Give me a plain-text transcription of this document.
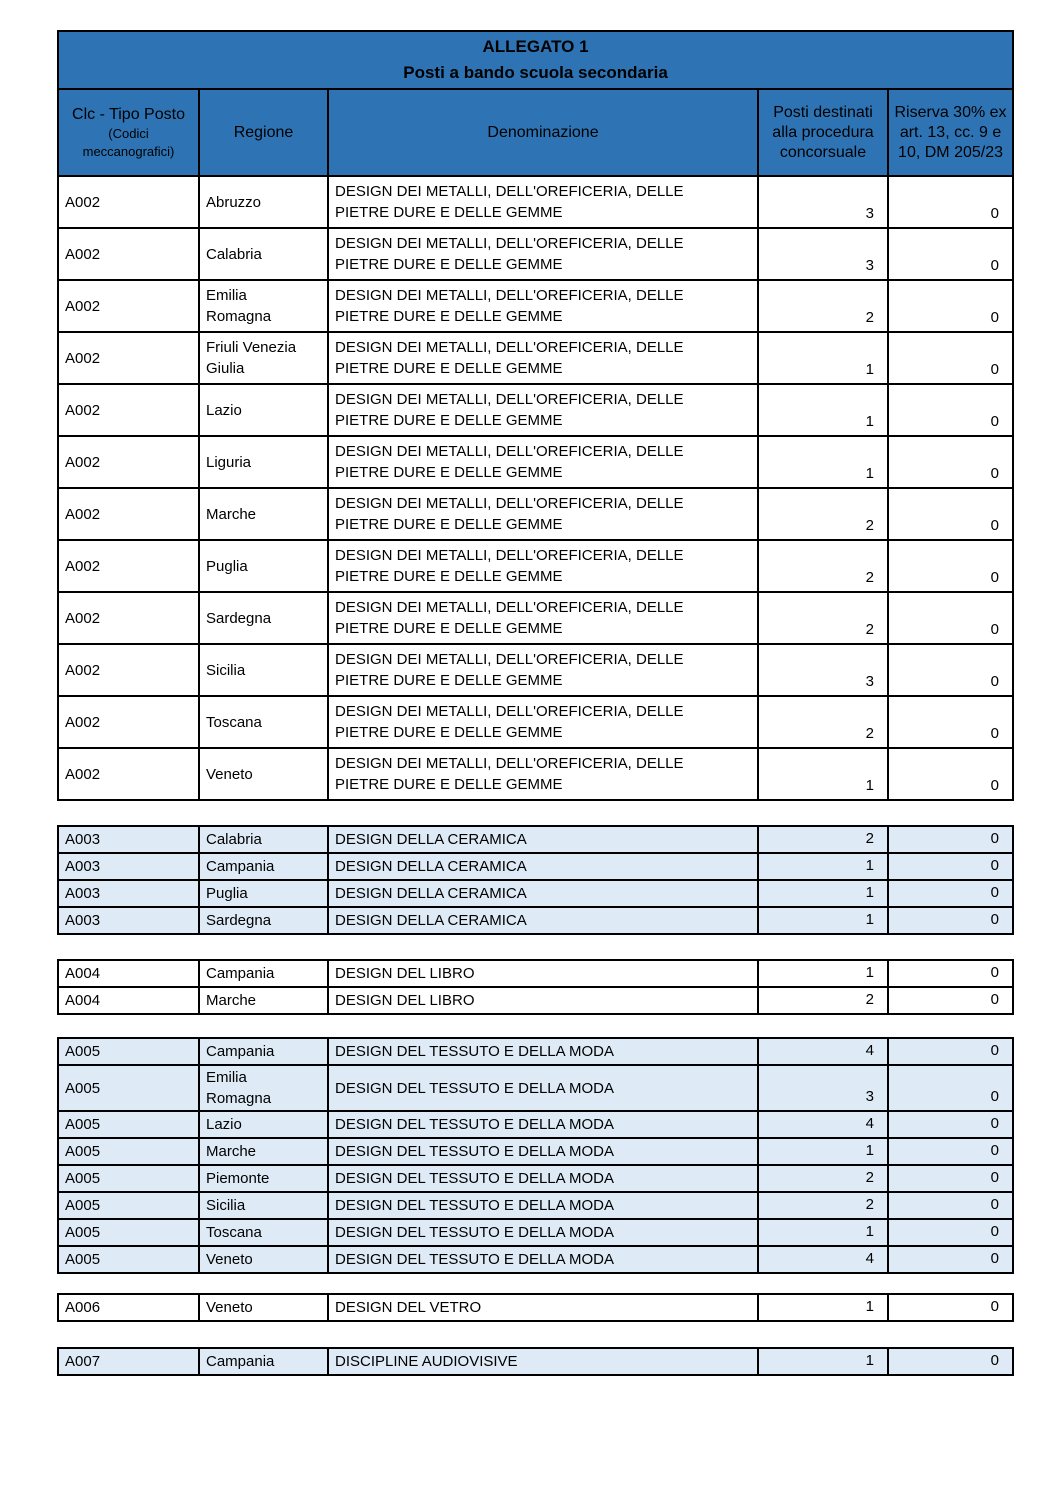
ALLEGATO 1
Posti a bando scuola secondaria

Clc - Tipo Posto
(Codici meccanografici)
	Regione	Denominazione	Posti destinati alla procedura concorsuale	Riserva 30% ex art. 13, cc. 9 e 10, DM 205/23
A002	Abruzzo	DESIGN DEI METALLI, DELL'OREFICERIA, DELLE
PIETRE DURE E DELLE GEMME	3	0
A002	Calabria	DESIGN DEI METALLI, DELL'OREFICERIA, DELLE
PIETRE DURE E DELLE GEMME	3	0
A002	Emilia
Romagna	DESIGN DEI METALLI, DELL'OREFICERIA, DELLE
PIETRE DURE E DELLE GEMME	2	0
A002	Friuli Venezia
Giulia	DESIGN DEI METALLI, DELL'OREFICERIA, DELLE
PIETRE DURE E DELLE GEMME	1	0
A002	Lazio	DESIGN DEI METALLI, DELL'OREFICERIA, DELLE
PIETRE DURE E DELLE GEMME	1	0
A002	Liguria	DESIGN DEI METALLI, DELL'OREFICERIA, DELLE
PIETRE DURE E DELLE GEMME	1	0
A002	Marche	DESIGN DEI METALLI, DELL'OREFICERIA, DELLE
PIETRE DURE E DELLE GEMME	2	0
A002	Puglia	DESIGN DEI METALLI, DELL'OREFICERIA, DELLE
PIETRE DURE E DELLE GEMME	2	0
A002	Sardegna	DESIGN DEI METALLI, DELL'OREFICERIA, DELLE
PIETRE DURE E DELLE GEMME	2	0
A002	Sicilia	DESIGN DEI METALLI, DELL'OREFICERIA, DELLE
PIETRE DURE E DELLE GEMME	3	0
A002	Toscana	DESIGN DEI METALLI, DELL'OREFICERIA, DELLE
PIETRE DURE E DELLE GEMME	2	0
A002	Veneto	DESIGN DEI METALLI, DELL'OREFICERIA, DELLE
PIETRE DURE E DELLE GEMME	1	0
A003	Calabria	DESIGN DELLA CERAMICA	2	0
A003	Campania	DESIGN DELLA CERAMICA	1	0
A003	Puglia	DESIGN DELLA CERAMICA	1	0
A003	Sardegna	DESIGN DELLA CERAMICA	1	0
A004	Campania	DESIGN DEL LIBRO	1	0
A004	Marche	DESIGN DEL LIBRO	2	0
A005	Campania	DESIGN DEL TESSUTO E DELLA MODA	4	0
A005	Emilia
Romagna	DESIGN DEL TESSUTO E DELLA MODA	3	0
A005	Lazio	DESIGN DEL TESSUTO E DELLA MODA	4	0
A005	Marche	DESIGN DEL TESSUTO E DELLA MODA	1	0
A005	Piemonte	DESIGN DEL TESSUTO E DELLA MODA	2	0
A005	Sicilia	DESIGN DEL TESSUTO E DELLA MODA	2	0
A005	Toscana	DESIGN DEL TESSUTO E DELLA MODA	1	0
A005	Veneto	DESIGN DEL TESSUTO E DELLA MODA	4	0
A006	Veneto	DESIGN DEL VETRO	1	0
A007	Campania	DISCIPLINE AUDIOVISIVE	1	0
